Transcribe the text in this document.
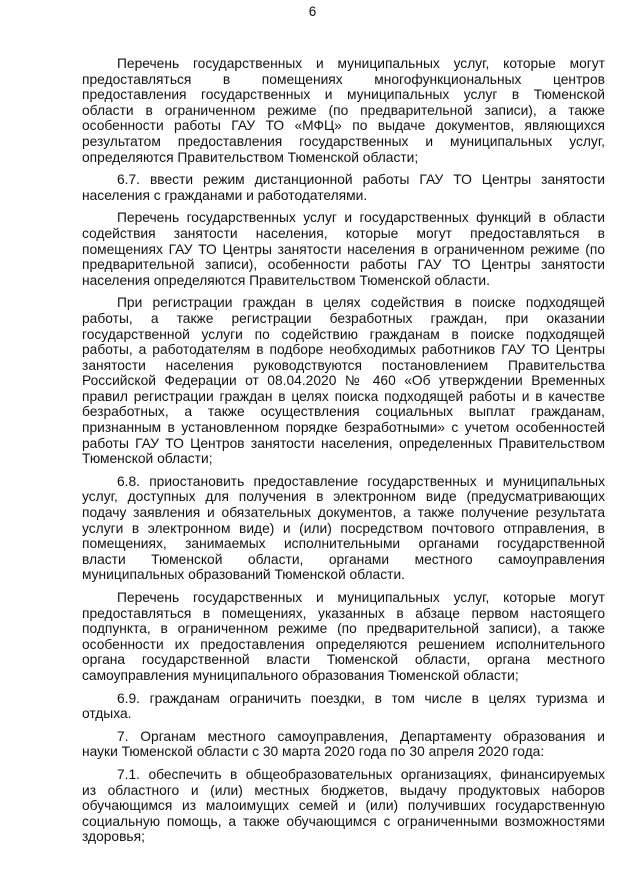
6
Перечень государственных и муниципальных услуг, которые могут
предоставляться в помещениях многофункциональных центров
предоставления государственных и муниципальных услуг в Тюменской
области в ограниченном режиме (по предварительной записи), а также
особенности работы ГАУ ТО «МФЦ» по выдаче документов, являющихся
результатом предоставления государственных и муниципальных услуг,
определяются Правительством Тюменской области;
6.7. ввести режим дистанционной работы ГАУ ТО Центры занятости
населения с гражданами и работодателями.
Перечень государственных услуг и государственных функций в области
содействия занятости населения, которые могут предоставляться в
помещениях ГАУ ТО Центры занятости населения в ограниченном режиме (по
предварительной записи), особенности работы ГАУ ТО Центры занятости
населения определяются Правительством Тюменской области.
При регистрации граждан в целях содействия в поиске подходящей
работы, а также регистрации безработных граждан, при оказании
государственной услуги по содействию гражданам в поиске подходящей
работы, а работодателям в подборе необходимых работников ГАУ ТО Центры
занятости населения руководствуются постановлением Правительства
Российской Федерации от 08.04.2020 № 460 «Об утверждении Временных
правил регистрации граждан в целях поиска подходящей работы и в качестве
безработных, а также осуществления социальных выплат гражданам,
признанным в установленном порядке безработными» с учетом особенностей
работы ГАУ ТО Центров занятости населения, определенных Правительством
Тюменской области;
6.8. приостановить предоставление государственных и муниципальных
услуг, доступных для получения в электронном виде (предусматривающих
подачу заявления и обязательных документов, а также получение результата
услуги в электронном виде) и (или) посредством почтового отправления, в
помещениях, занимаемых исполнительными органами государственной
власти Тюменской области, органами местного самоуправления
муниципальных образований Тюменской области.
Перечень государственных и муниципальных услуг, которые могут
предоставляться в помещениях, указанных в абзаце первом настоящего
подпункта, в ограниченном режиме (по предварительной записи), а также
особенности их предоставления определяются решением исполнительного
органа государственной власти Тюменской области, органа местного
самоуправления муниципального образования Тюменской области;
6.9. гражданам ограничить поездки, в том числе в целях туризма и
отдыха.
7. Органам местного самоуправления, Департаменту образования и
науки Тюменской области с 30 марта 2020 года по 30 апреля 2020 года:
7.1. обеспечить в общеобразовательных организациях, финансируемых
из областного и (или) местных бюджетов, выдачу продуктовых наборов
обучающимся из малоимущих семей и (или) получивших государственную
социальную помощь, а также обучающимся с ограниченными возможностями
здоровья;
